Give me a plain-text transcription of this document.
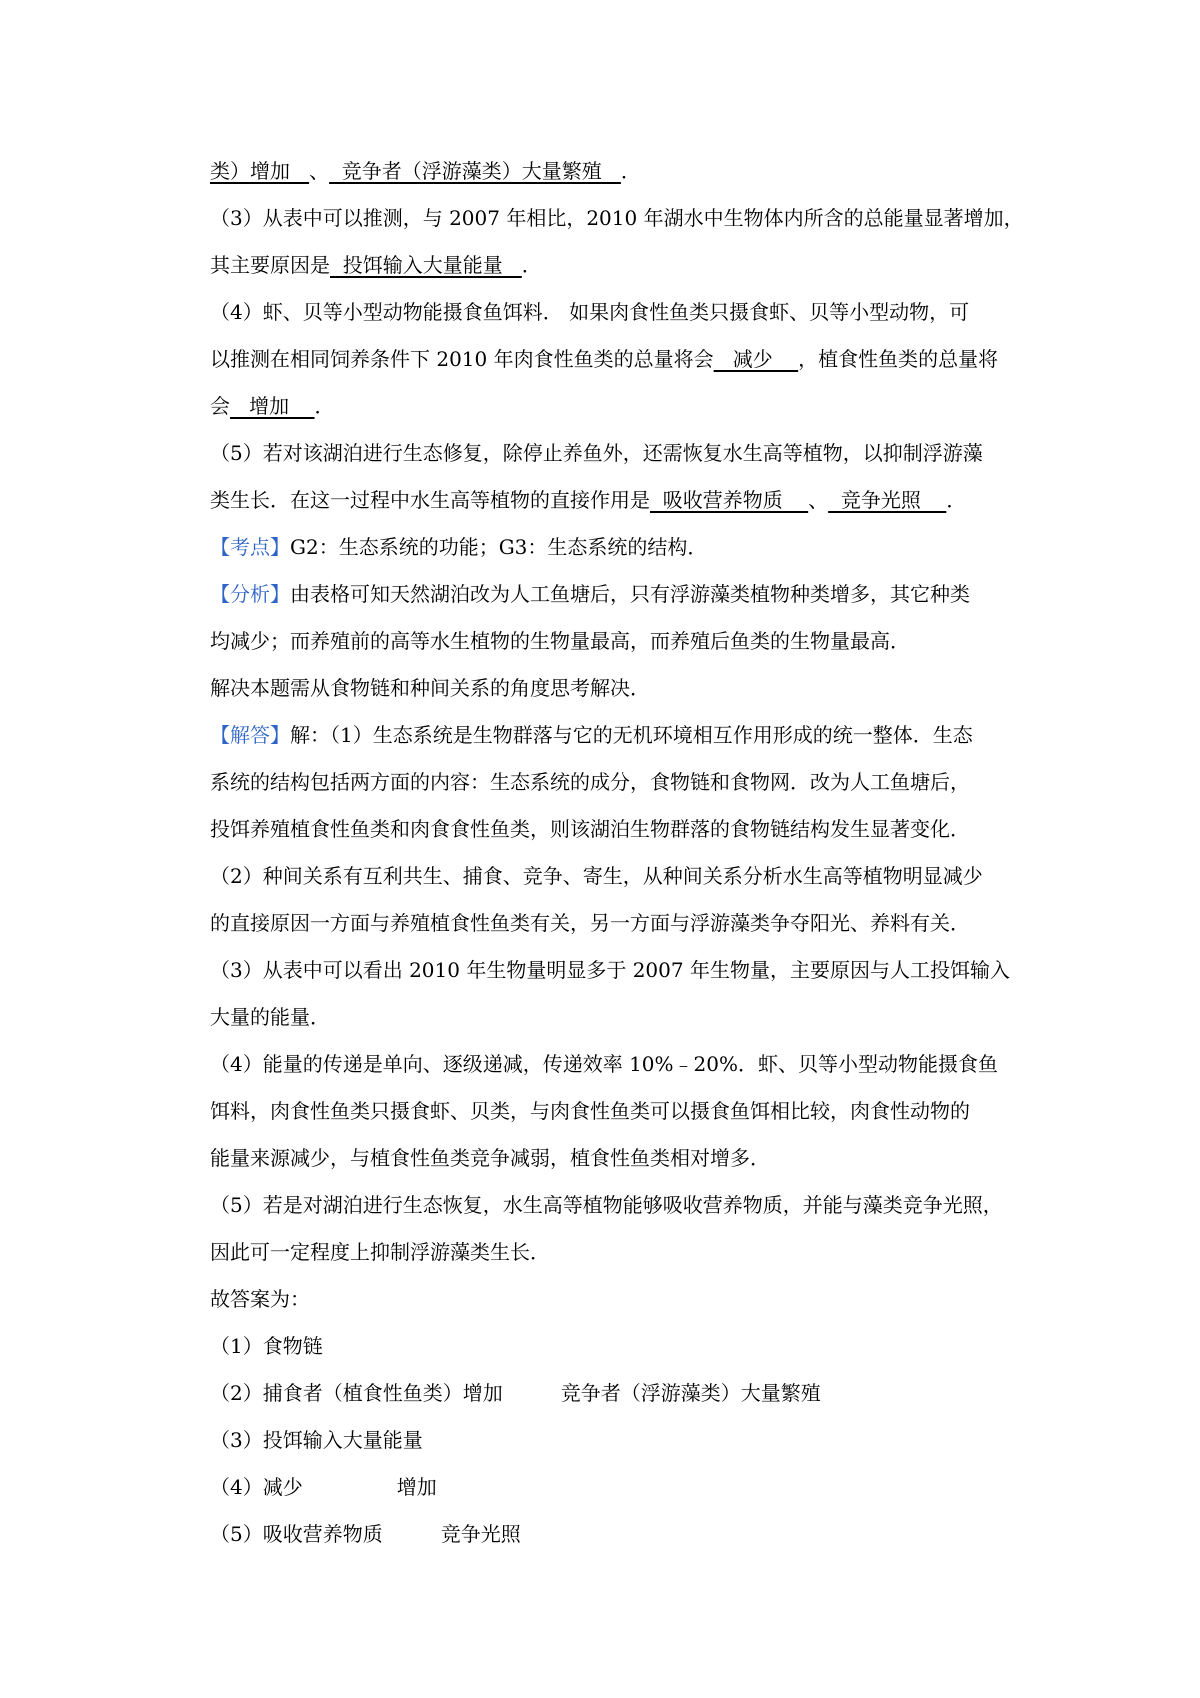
类）增加   、  竞争者（浮游藻类）大量繁殖   ．
（3）从表中可以推测，与 2007 年相比，2010 年湖水中生物体内所含的总能量显著增加，
其主要原因是  投饵输入大量能量   ．
（4）虾、贝等小型动物能摄食鱼饵料． 如果肉食性鱼类只摄食虾、贝等小型动物，可
以推测在相同饲养条件下 2010 年肉食性鱼类的总量将会   减少    ，植食性鱼类的总量将
会   增加    ．
（5）若对该湖泊进行生态修复，除停止养鱼外，还需恢复水生高等植物，以抑制浮游藻
类生长．在这一过程中水生高等植物的直接作用是  吸收营养物质    、  竞争光照    ．
【考点】G2：生态系统的功能；G3：生态系统的结构．
【分析】由表格可知天然湖泊改为人工鱼塘后，只有浮游藻类植物种类增多，其它种类
均减少；而养殖前的高等水生植物的生物量最高，而养殖后鱼类的生物量最高．
解决本题需从食物链和种间关系的角度思考解决．
【解答】解：（1）生态系统是生物群落与它的无机环境相互作用形成的统一整体．生态
系统的结构包括两方面的内容：生态系统的成分，食物链和食物网．改为人工鱼塘后，
投饵养殖植食性鱼类和肉食食性鱼类，则该湖泊生物群落的食物链结构发生显著变化．
（2）种间关系有互利共生、捕食、竞争、寄生，从种间关系分析水生高等植物明显减少
的直接原因一方面与养殖植食性鱼类有关，另一方面与浮游藻类争夺阳光、养料有关．
（3）从表中可以看出 2010 年生物量明显多于 2007 年生物量，主要原因与人工投饵输入
大量的能量．
（4）能量的传递是单向、逐级递减，传递效率 10%﹣20%．虾、贝等小型动物能摄食鱼
饵料，肉食性鱼类只摄食虾、贝类，与肉食性鱼类可以摄食鱼饵相比较，肉食性动物的
能量来源减少，与植食性鱼类竞争减弱，植食性鱼类相对增多．
（5）若是对湖泊进行生态恢复，水生高等植物能够吸收营养物质，并能与藻类竞争光照，
因此可一定程度上抑制浮游藻类生长．
故答案为：
（1）食物链
（2）捕食者（植食性鱼类）增加	竞争者（浮游藻类）大量繁殖
（3）投饵输入大量能量
（4）减少	增加
（5）吸收营养物质	竞争光照
